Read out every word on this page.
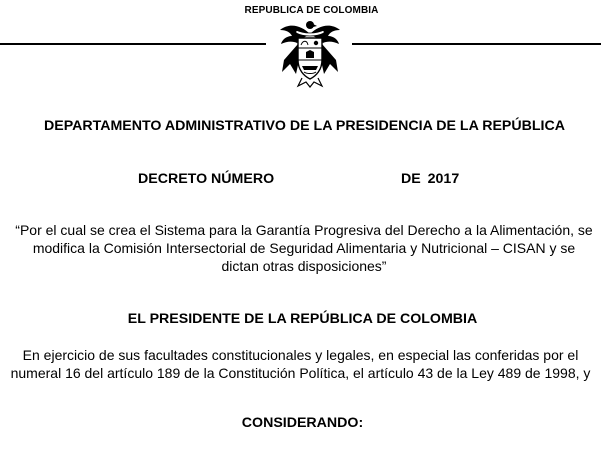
REPUBLICA DE COLOMBIA
DEPARTAMENTO ADMINISTRATIVO DE LA PRESIDENCIA DE LA REPÚBLICA
DECRETO NÚMERO	DE 2017
“Por el cual se crea el Sistema para la Garantía Progresiva del Derecho a la Alimentación, se modifica la Comisión Intersectorial de Seguridad Alimentaria y Nutricional – CISAN y se dictan otras disposiciones”
EL PRESIDENTE DE LA REPÚBLICA DE COLOMBIA
En ejercicio de sus facultades constitucionales y legales, en especial las conferidas por el numeral 16 del artículo 189 de la Constitución Política, el artículo 43 de la Ley 489 de 1998, y
CONSIDERANDO:
